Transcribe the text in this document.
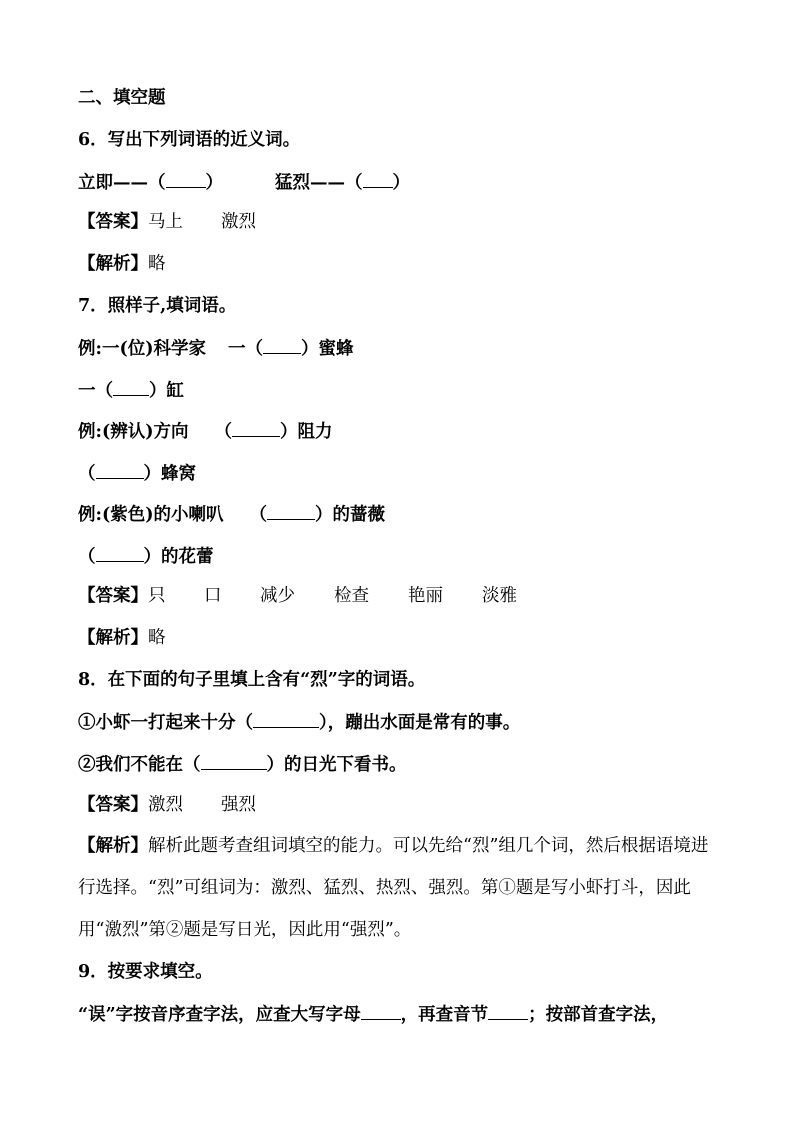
二、填空题
6．写出下列词语的近义词。
立即——（ ）	猛烈——（ ）
【答案】马上 激烈
【解析】略
7．照样子,填词语。
例:一(位)科学家 一（ ）蜜蜂
一（ ）缸
例:(辨认)方向 （	）阻力
（	）蜂窝
例:(紫色)的小喇叭 （	）的蔷薇
（	）的花蕾
【答案】只 口 减少 检查 艳丽 淡雅
【解析】略
8．在下面的句子里填上含有“烈”字的词语。
①小虾一打起来十分（	），蹦出水面是常有的事。
②我们不能在（	）的日光下看书。
【答案】激烈 强烈
【解析】解析此题考查组词填空的能力。可以先给“烈”组几个词，然后根据语境进行选择。“烈”可组词为：激烈、猛烈、热烈、强烈。第①题是写小虾打斗，因此用“激烈”第②题是写日光，因此用“强烈”。
9．按要求填空。
“误”字按音序查字法，应查大写字母 ，再查音节 ；按部首查字法，
